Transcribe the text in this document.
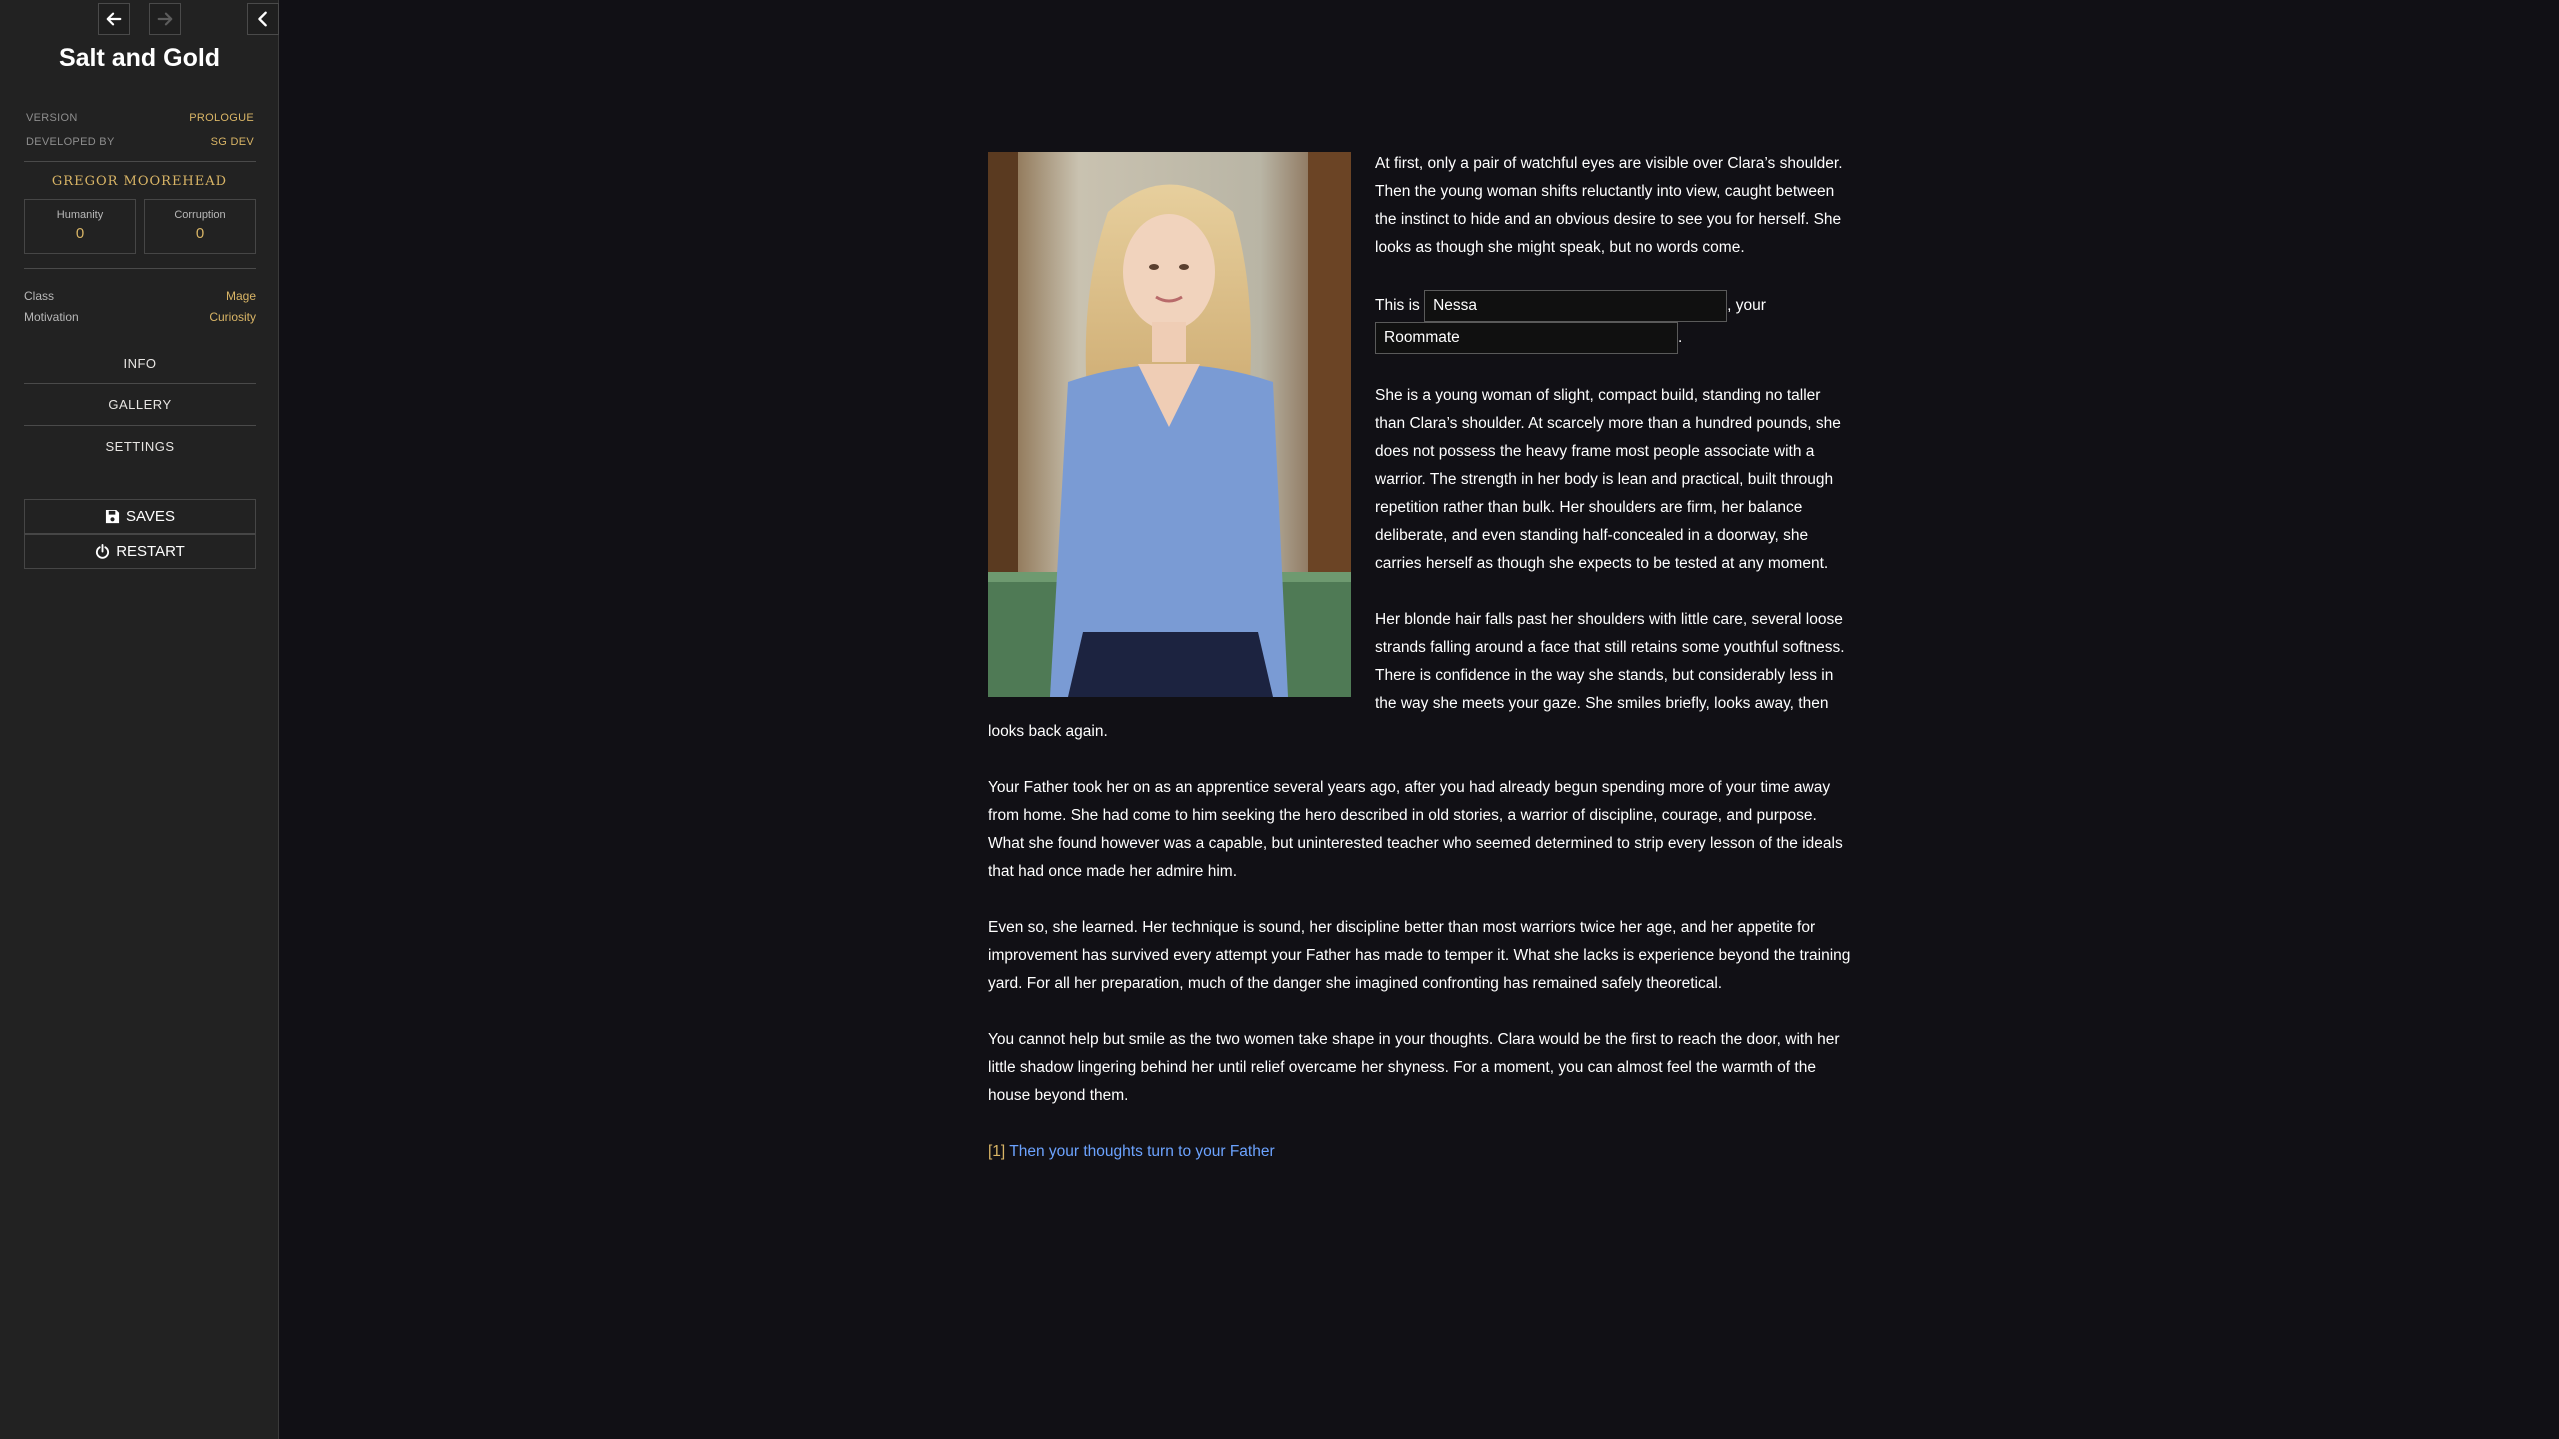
Salt and Gold
VERSION	PROLOGUE
DEVELOPED BY	SG DEV
GREGOR MOOREHEAD
Humanity
0
Corruption
0
Class	Mage
Motivation	Curiosity
INFO
GALLERY
SETTINGS
SAVES
RESTART

At first, only a pair of watchful eyes are visible over Clara’s shoulder. Then the young woman shifts reluctantly into view, caught between the instinct to hide and an obvious desire to see you for herself. She looks as though she might speak, but no words come.

This is Nessa	, your
Roommate.

She is a young woman of slight, compact build, standing no taller than Clara’s shoulder. At scarcely more than a hundred pounds, she does not possess the heavy frame most people associate with a warrior. The strength in her body is lean and practical, built through repetition rather than bulk. Her shoulders are firm, her balance deliberate, and even standing half-concealed in a doorway, she carries herself as though she expects to be tested at any moment.

Her blonde hair falls past her shoulders with little care, several loose strands falling around a face that still retains some youthful softness. There is confidence in the way she stands, but considerably less in the way she meets your gaze. She smiles briefly, looks away, then looks back again.

Your Father took her on as an apprentice several years ago, after you had already begun spending more of your time away from home. She had come to him seeking the hero described in old stories, a warrior of discipline, courage, and purpose. What she found however was a capable, but uninterested teacher who seemed determined to strip every lesson of the ideals that had once made her admire him.

Even so, she learned. Her technique is sound, her discipline better than most warriors twice her age, and her appetite for improvement has survived every attempt your Father has made to temper it. What she lacks is experience beyond the training yard. For all her preparation, much of the danger she imagined confronting has remained safely theoretical.

You cannot help but smile as the two women take shape in your thoughts. Clara would be the first to reach the door, with her little shadow lingering behind her until relief overcame her shyness. For a moment, you can almost feel the warmth of the house beyond them.

[1] Then your thoughts turn to your Father
